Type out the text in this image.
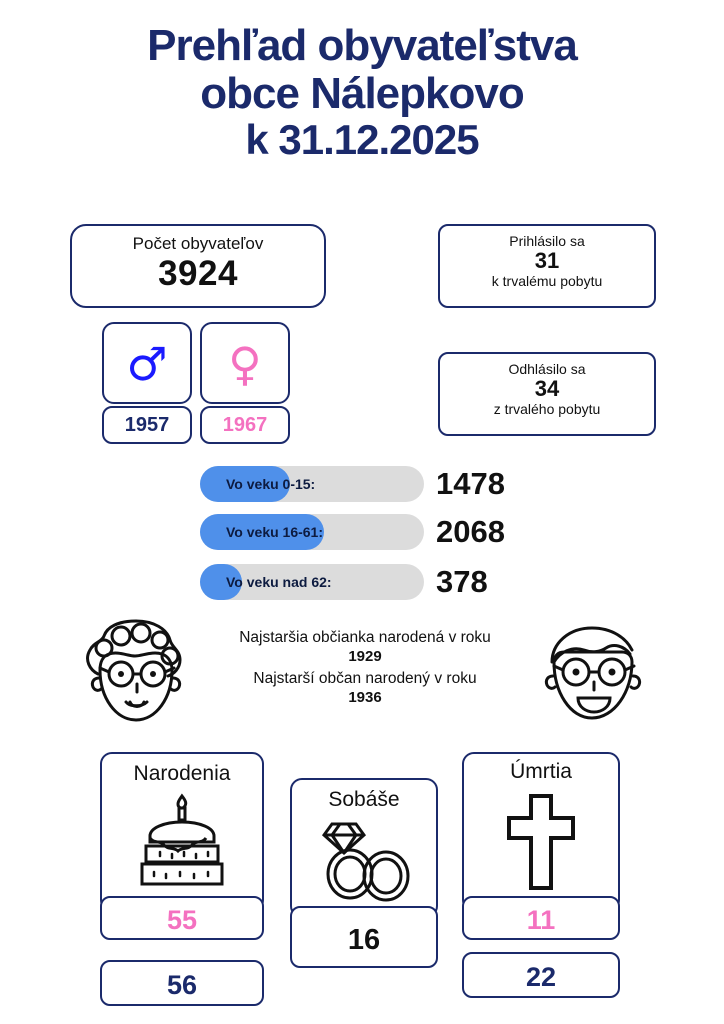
Prehľad obyvateľstva
obce Nálepkovo
k 31.12.2025
Počet obyvateľov
3924
Prihlásilo sa
31
k trvalému pobytu
Odhlásilo sa
34
z trvalého pobytu
♂	♀
1957	1967
Vo veku 0-15:	1478
Vo veku 16-61:	2068
Vo veku nad 62:	378
Najstaršia občianka narodená v roku
1929
Najstarší občan narodený v roku
1936
Narodenia
55
56
Sobáše
16
Úmrtia
11
22
